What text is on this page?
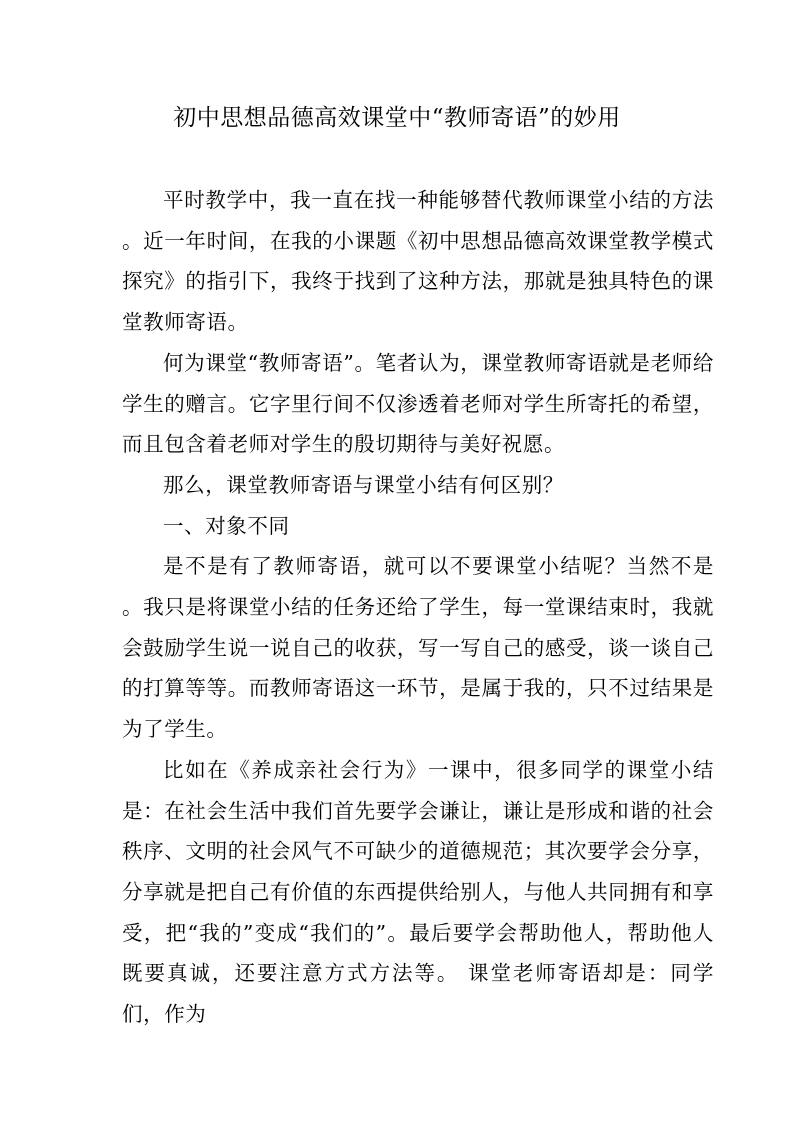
初中思想品德高效课堂中“教师寄语”的妙用

平时教学中，我一直在找一种能够替代教师课堂小结的方法 。近一年时间，在我的小课题《初中思想品德高效课堂教学模式探究》的指引下，我终于找到了这种方法，那就是独具特色的课堂教师寄语。

何为课堂“教师寄语”。笔者认为，课堂教师寄语就是老师给学生的赠言。它字里行间不仅渗透着老师对学生所寄托的希望，而且包含着老师对学生的殷切期待与美好祝愿。

那么，课堂教师寄语与课堂小结有何区别？

一、对象不同

是不是有了教师寄语，就可以不要课堂小结呢？当然不是 。我只是将课堂小结的任务还给了学生，每一堂课结束时，我就会鼓励学生说一说自己的收获，写一写自己的感受，谈一谈自己的打算等等。而教师寄语这一环节，是属于我的，只不过结果是为了学生。

比如在《养成亲社会行为》一课中，很多同学的课堂小结是：在社会生活中我们首先要学会谦让，谦让是形成和谐的社会秩序、文明的社会风气不可缺少的道德规范；其次要学会分享，分享就是把自己有价值的东西提供给别人，与他人共同拥有和享受，把“我的”变成“我们的”。最后要学会帮助他人，帮助他人既要真诚，还要注意方式方法等。 课堂老师寄语却是：同学们，作为
